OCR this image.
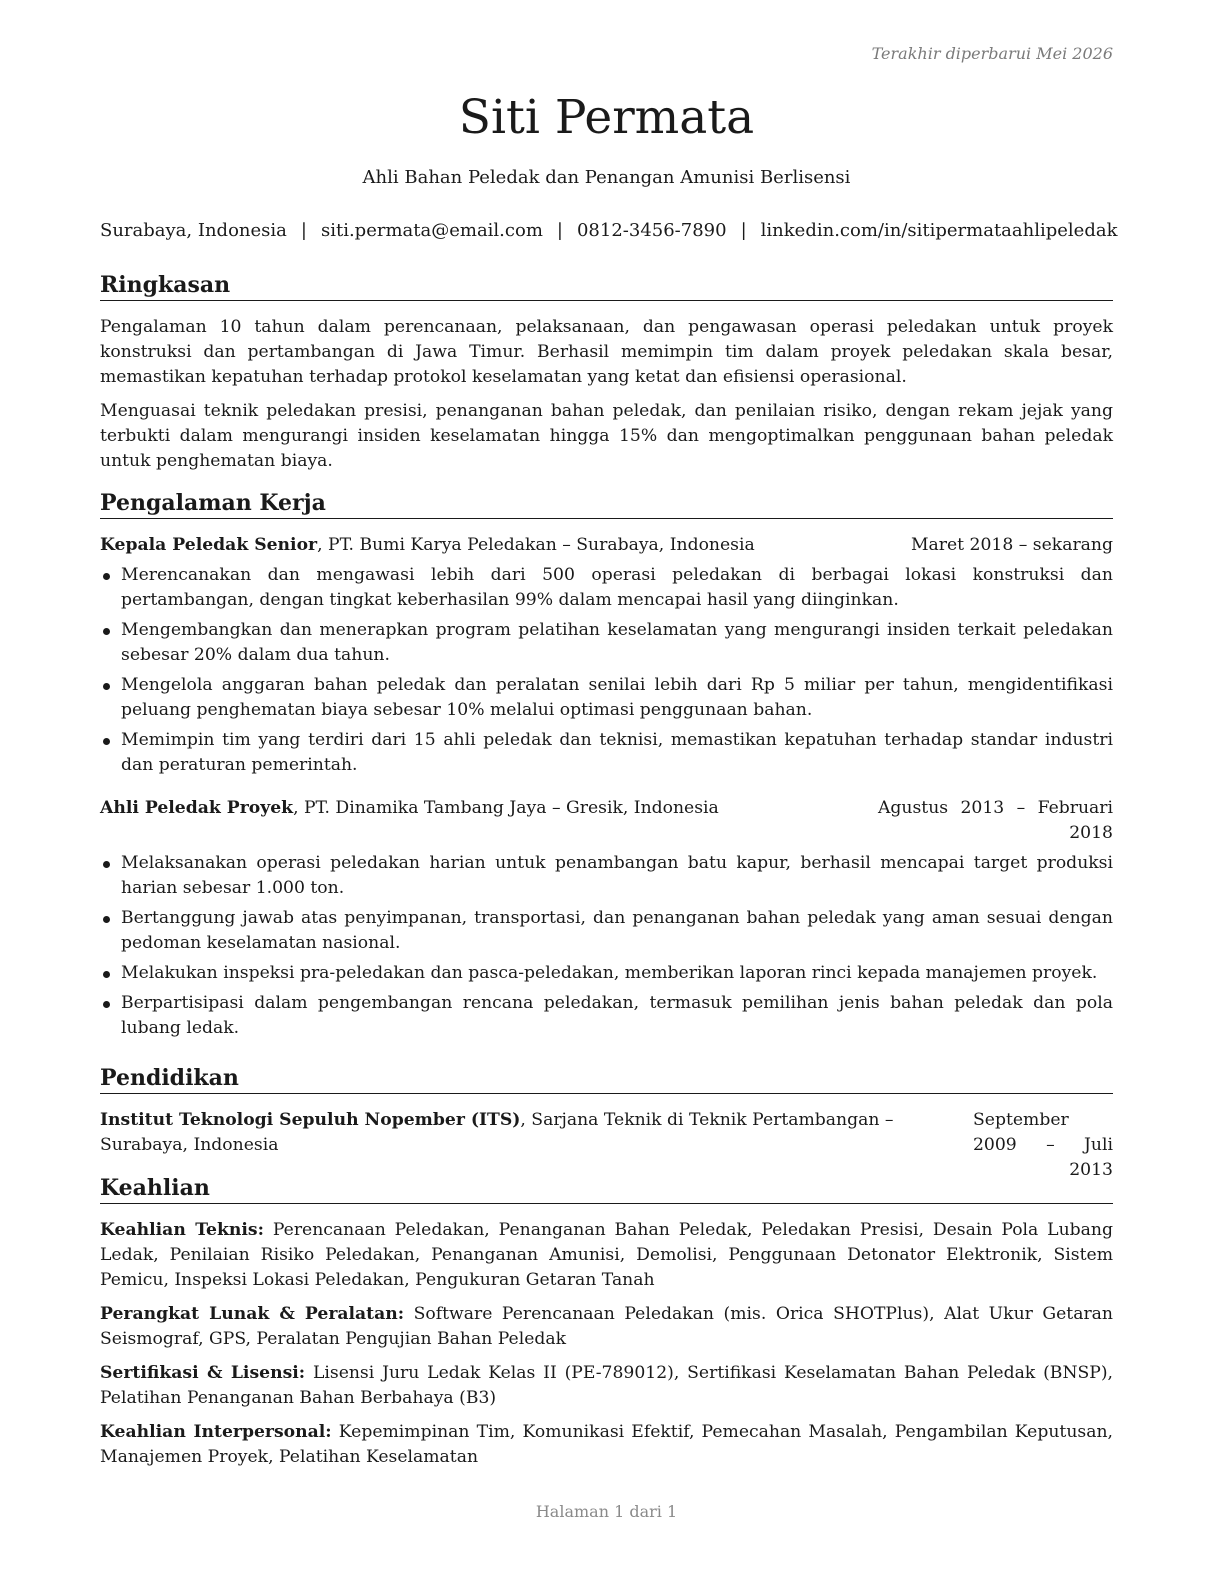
Terakhir diperbarui Mei 2026
Siti Permata
Ahli Bahan Peledak dan Penangan Amunisi Berlisensi
Surabaya, Indonesia | siti.permata@email.com | 0812-3456-7890 | linkedin.com/in/sitipermataahlipeledak
Ringkasan

Pengalaman 10 tahun dalam perencanaan, pelaksanaan, dan pengawasan operasi peledakan untuk proyek konstruksi dan pertambangan di Jawa Timur. Berhasil memimpin tim dalam proyek peledakan skala besar, memastikan kepatuhan terhadap protokol keselamatan yang ketat dan efisiensi operasional.

Menguasai teknik peledakan presisi, penanganan bahan peledak, dan penilaian risiko, dengan rekam jejak yang terbukti dalam mengurangi insiden keselamatan hingga 15% dan mengoptimalkan penggunaan bahan peledak untuk penghematan biaya.

Pengalaman Kerja
Kepala Peledak Senior, PT. Bumi Karya Peledakan – Surabaya, Indonesia	Maret 2018 – sekarang
Merencanakan dan mengawasi lebih dari 500 operasi peledakan di berbagai lokasi konstruksi dan pertambangan, dengan tingkat keberhasilan 99% dalam mencapai hasil yang diinginkan.
Mengembangkan dan menerapkan program pelatihan keselamatan yang mengurangi insiden terkait peledakan sebesar 20% dalam dua tahun.
Mengelola anggaran bahan peledak dan peralatan senilai lebih dari Rp 5 miliar per tahun, mengidentifikasi peluang penghematan biaya sebesar 10% melalui optimasi penggunaan bahan.
Memimpin tim yang terdiri dari 15 ahli peledak dan teknisi, memastikan kepatuhan terhadap standar industri dan peraturan pemerintah.
Ahli Peledak Proyek, PT. Dinamika Tambang Jaya – Gresik, Indonesia	Agustus 2013 – Februari
2018
Melaksanakan operasi peledakan harian untuk penambangan batu kapur, berhasil mencapai target produksi harian sebesar 1.000 ton.
Bertanggung jawab atas penyimpanan, transportasi, dan penanganan bahan peledak yang aman sesuai dengan pedoman keselamatan nasional.
Melakukan inspeksi pra-peledakan dan pasca-peledakan, memberikan laporan rinci kepada manajemen proyek.
Berpartisipasi dalam pengembangan rencana peledakan, termasuk pemilihan jenis bahan peledak dan pola lubang ledak.
Pendidikan
Institut Teknologi Sepuluh Nopember (ITS), Sarjana Teknik di Teknik Pertambangan –
Surabaya, Indonesia
September 2009 – Juli
2013
Keahlian

Keahlian Teknis: Perencanaan Peledakan, Penanganan Bahan Peledak, Peledakan Presisi, Desain Pola Lubang Ledak, Penilaian Risiko Peledakan, Penanganan Amunisi, Demolisi, Penggunaan Detonator Elektronik, Sistem Pemicu, Inspeksi Lokasi Peledakan, Pengukuran Getaran Tanah

Perangkat Lunak & Peralatan: Software Perencanaan Peledakan (mis. Orica SHOTPlus), Alat Ukur Getaran Seismograf, GPS, Peralatan Pengujian Bahan Peledak

Sertifikasi & Lisensi: Lisensi Juru Ledak Kelas II (PE-789012), Sertifikasi Keselamatan Bahan Peledak (BNSP), Pelatihan Penanganan Bahan Berbahaya (B3)

Keahlian Interpersonal: Kepemimpinan Tim, Komunikasi Efektif, Pemecahan Masalah, Pengambilan Keputusan, Manajemen Proyek, Pelatihan Keselamatan

Halaman 1 dari 1
